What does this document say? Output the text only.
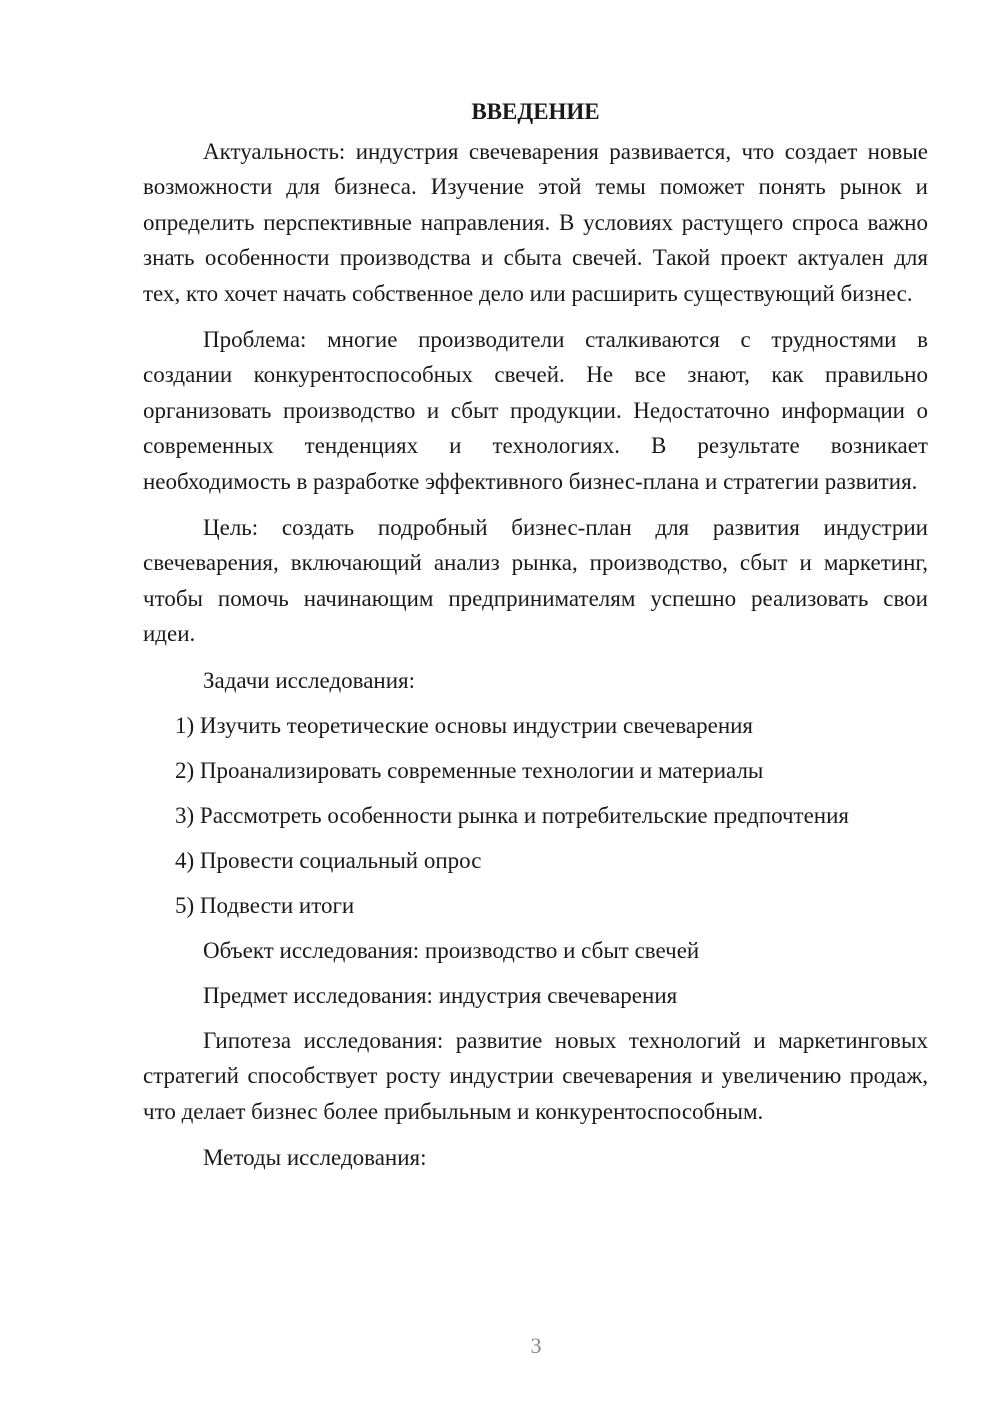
ВВЕДЕНИЕ

Актуальность: индустрия свечеварения развивается, что создает новые возможности для бизнеса. Изучение этой темы поможет понять рынок и определить перспективные направления. В условиях растущего спроса важно знать особенности производства и сбыта свечей. Такой проект актуален для тех, кто хочет начать собственное дело или расширить существующий бизнес.

Проблема: многие производители сталкиваются с трудностями в создании конкурентоспособных свечей. Не все знают, как правильно организовать производство и сбыт продукции. Недостаточно информации о современных тенденциях и технологиях. В результате возникает необходимость в разработке эффективного бизнес-плана и стратегии развития.

Цель: создать подробный бизнес-план для развития индустрии свечеварения, включающий анализ рынка, производство, сбыт и маркетинг, чтобы помочь начинающим предпринимателям успешно реализовать свои идеи.

Задачи исследования:
1) Изучить теоретические основы индустрии свечеварения
2) Проанализировать современные технологии и материалы
3) Рассмотреть особенности рынка и потребительские предпочтения
4) Провести социальный опрос
5) Подвести итоги
Объект исследования: производство и сбыт свечей
Предмет исследования: индустрия свечеварения

Гипотеза исследования: развитие новых технологий и маркетинговых стратегий способствует росту индустрии свечеварения и увеличению продаж, что делает бизнес более прибыльным и конкурентоспособным.

Методы исследования:
3
